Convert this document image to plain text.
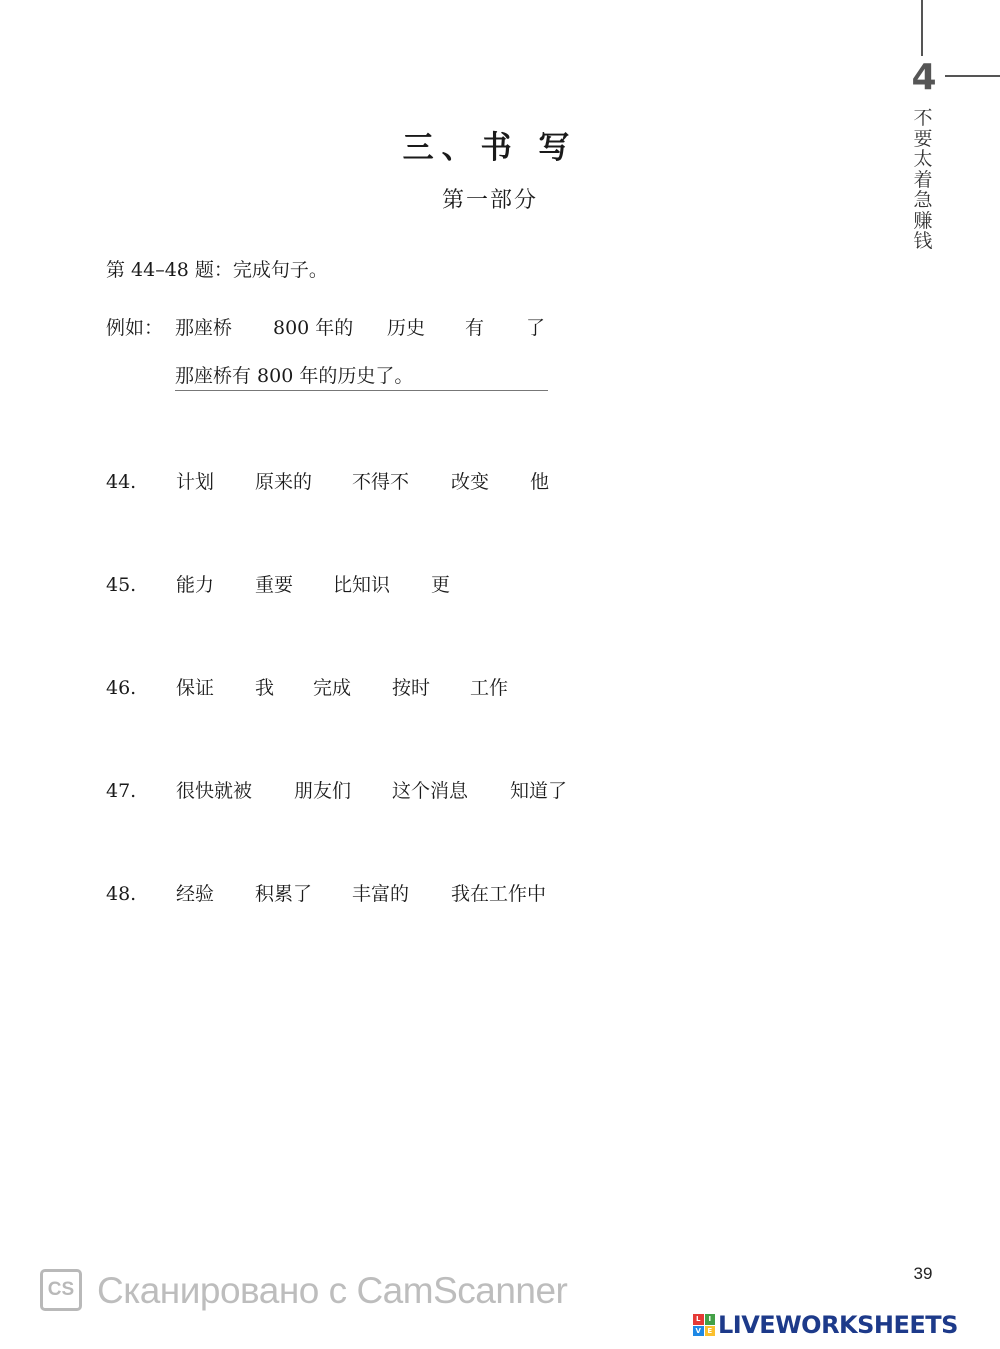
4
不
要
太
着
急
赚
钱
三、书 写
第一部分
第 44–48 题：完成句子。
例如： 那座桥 800 年的 历史 有 了
那座桥有 800 年的历史了。
44. 计划 原来的 不得不 改变 他
45. 能力 重要 比知识 更
46. 保证 我 完成 按时 工作
47. 很快就被 朋友们 这个消息 知道了
48. 经验 积累了 丰富的 我在工作中
39
CS Сканировано с CamScanner
L	I
V E LIVEWORKSHEETS
